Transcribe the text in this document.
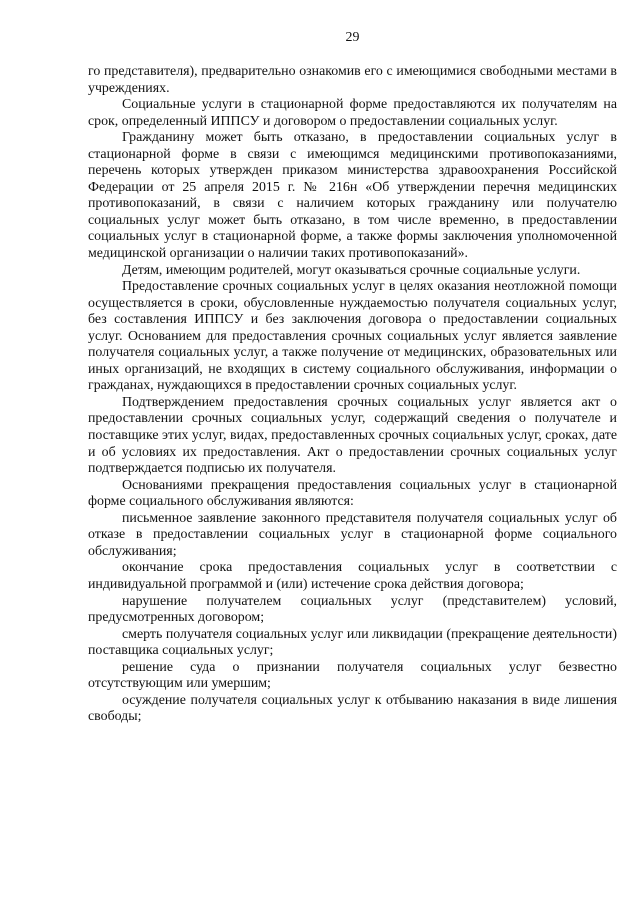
29

го представителя), предварительно ознакомив его с имеющимися свободными местами в учреждениях.

Социальные услуги в стационарной форме предоставляются их получателям на срок, определенный ИППСУ и договором о предоставлении социальных услуг.

Гражданину может быть отказано, в предоставлении социальных услуг в стационарной форме в связи с имеющимся медицинскими противопоказаниями, перечень которых утвержден приказом министерства здравоохранения Российской Федерации от 25 апреля 2015 г. № 216н «Об утверждении перечня медицинских противопоказаний, в связи с наличием которых гражданину или получателю социальных услуг может быть отказано, в том числе временно, в предоставлении социальных услуг в стационарной форме, а также формы заключения уполномоченной медицинской организации о наличии таких противопоказаний».

Детям, имеющим родителей, могут оказываться срочные социальные услуги.

Предоставление срочных социальных услуг в целях оказания неотложной помощи осуществляется в сроки, обусловленные нуждаемостью получателя социальных услуг, без составления ИППСУ и без заключения договора о предоставлении социальных услуг. Основанием для предоставления срочных социальных услуг является заявление получателя социальных услуг, а также получение от медицинских, образовательных или иных организаций, не входящих в систему социального обслуживания, информации о гражданах, нуждающихся в предоставлении срочных социальных услуг.

Подтверждением предоставления срочных социальных услуг является акт о предоставлении срочных социальных услуг, содержащий сведения о получателе и поставщике этих услуг, видах, предоставленных срочных социальных услуг, сроках, дате и об условиях их предоставления. Акт о предоставлении срочных социальных услуг подтверждается подписью их получателя.

Основаниями прекращения предоставления социальных услуг в стационарной форме социального обслуживания являются:

письменное заявление законного представителя получателя социальных услуг об отказе в предоставлении социальных услуг в стационарной форме социального обслуживания;

окончание срока предоставления социальных услуг в соответствии с индивидуальной программой и (или) истечение срока действия договора;

нарушение получателем социальных услуг (представителем) условий, предусмотренных договором;

смерть получателя социальных услуг или ликвидации (прекращение деятельности) поставщика социальных услуг;

решение суда о признании получателя социальных услуг безвестно отсутствующим или умершим;

осуждение получателя социальных услуг к отбыванию наказания в виде лишения свободы;
